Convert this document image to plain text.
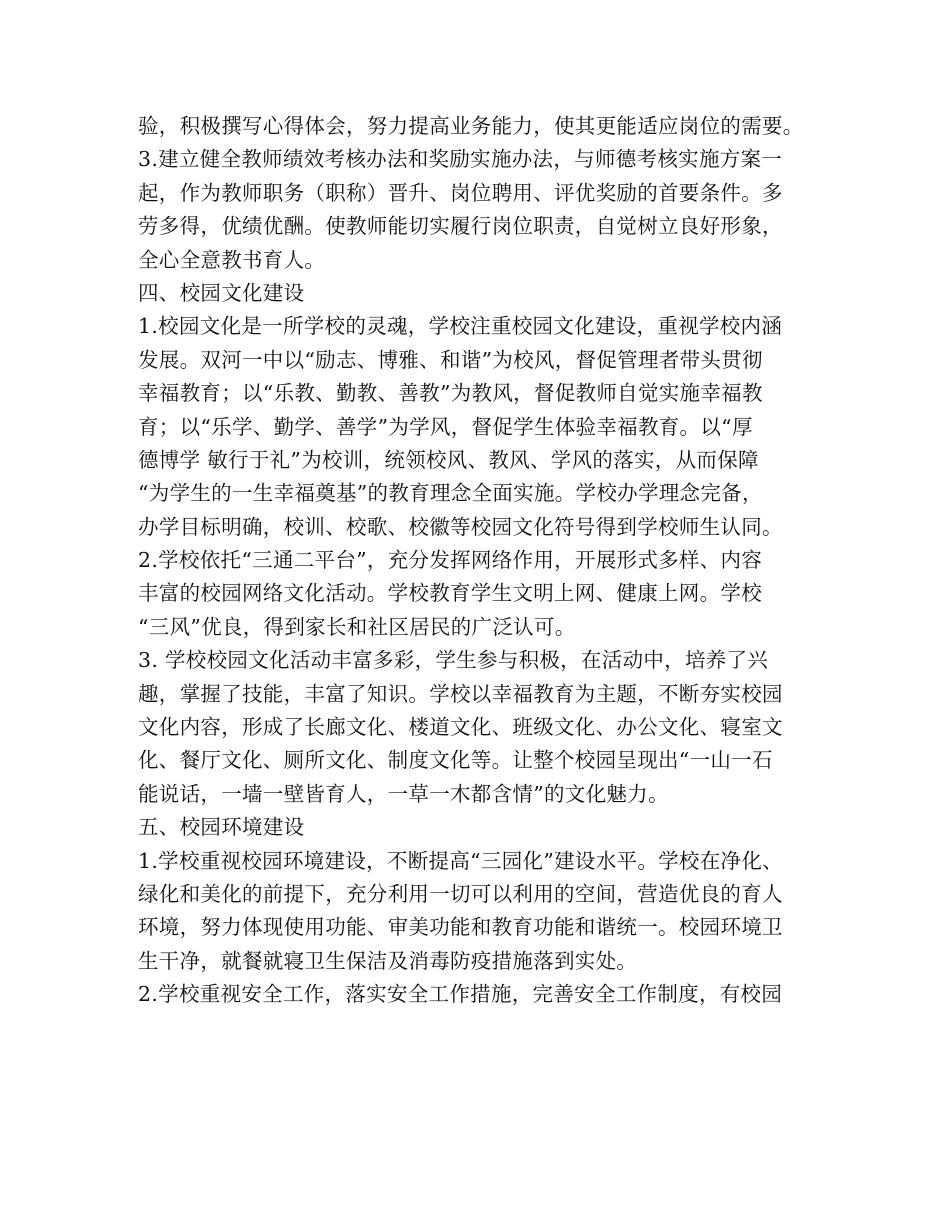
验，积极撰写心得体会，努力提高业务能力，使其更能适应岗位的需要。
3.建立健全教师绩效考核办法和奖励实施办法，与师德考核实施方案一
起，作为教师职务（职称）晋升、岗位聘用、评优奖励的首要条件。多
劳多得，优绩优酬。使教师能切实履行岗位职责，自觉树立良好形象，
全心全意教书育人。
四、校园文化建设
1.校园文化是一所学校的灵魂，学校注重校园文化建设，重视学校内涵
发展。双河一中以“励志、博雅、和谐”为校风，督促管理者带头贯彻
幸福教育；以“乐教、勤教、善教”为教风，督促教师自觉实施幸福教
育；以“乐学、勤学、善学”为学风，督促学生体验幸福教育。以“厚
德博学 敏行于礼”为校训，统领校风、教风、学风的落实，从而保障
“为学生的一生幸福奠基”的教育理念全面实施。学校办学理念完备，
办学目标明确，校训、校歌、校徽等校园文化符号得到学校师生认同。
2.学校依托“三通二平台”，充分发挥网络作用，开展形式多样、内容
丰富的校园网络文化活动。学校教育学生文明上网、健康上网。学校
“三风”优良，得到家长和社区居民的广泛认可。
3. 学校校园文化活动丰富多彩，学生参与积极，在活动中，培养了兴
趣，掌握了技能，丰富了知识。学校以幸福教育为主题，不断夯实校园
文化内容，形成了长廊文化、楼道文化、班级文化、办公文化、寝室文
化、餐厅文化、厕所文化、制度文化等。让整个校园呈现出“一山一石
能说话，一墙一壁皆育人，一草一木都含情”的文化魅力。
五、校园环境建设
1.学校重视校园环境建设，不断提高“三园化”建设水平。学校在净化、
绿化和美化的前提下，充分利用一切可以利用的空间，营造优良的育人
环境，努力体现使用功能、审美功能和教育功能和谐统一。校园环境卫
生干净，就餐就寝卫生保洁及消毒防疫措施落到实处。
2.学校重视安全工作，落实安全工作措施，完善安全工作制度，有校园
